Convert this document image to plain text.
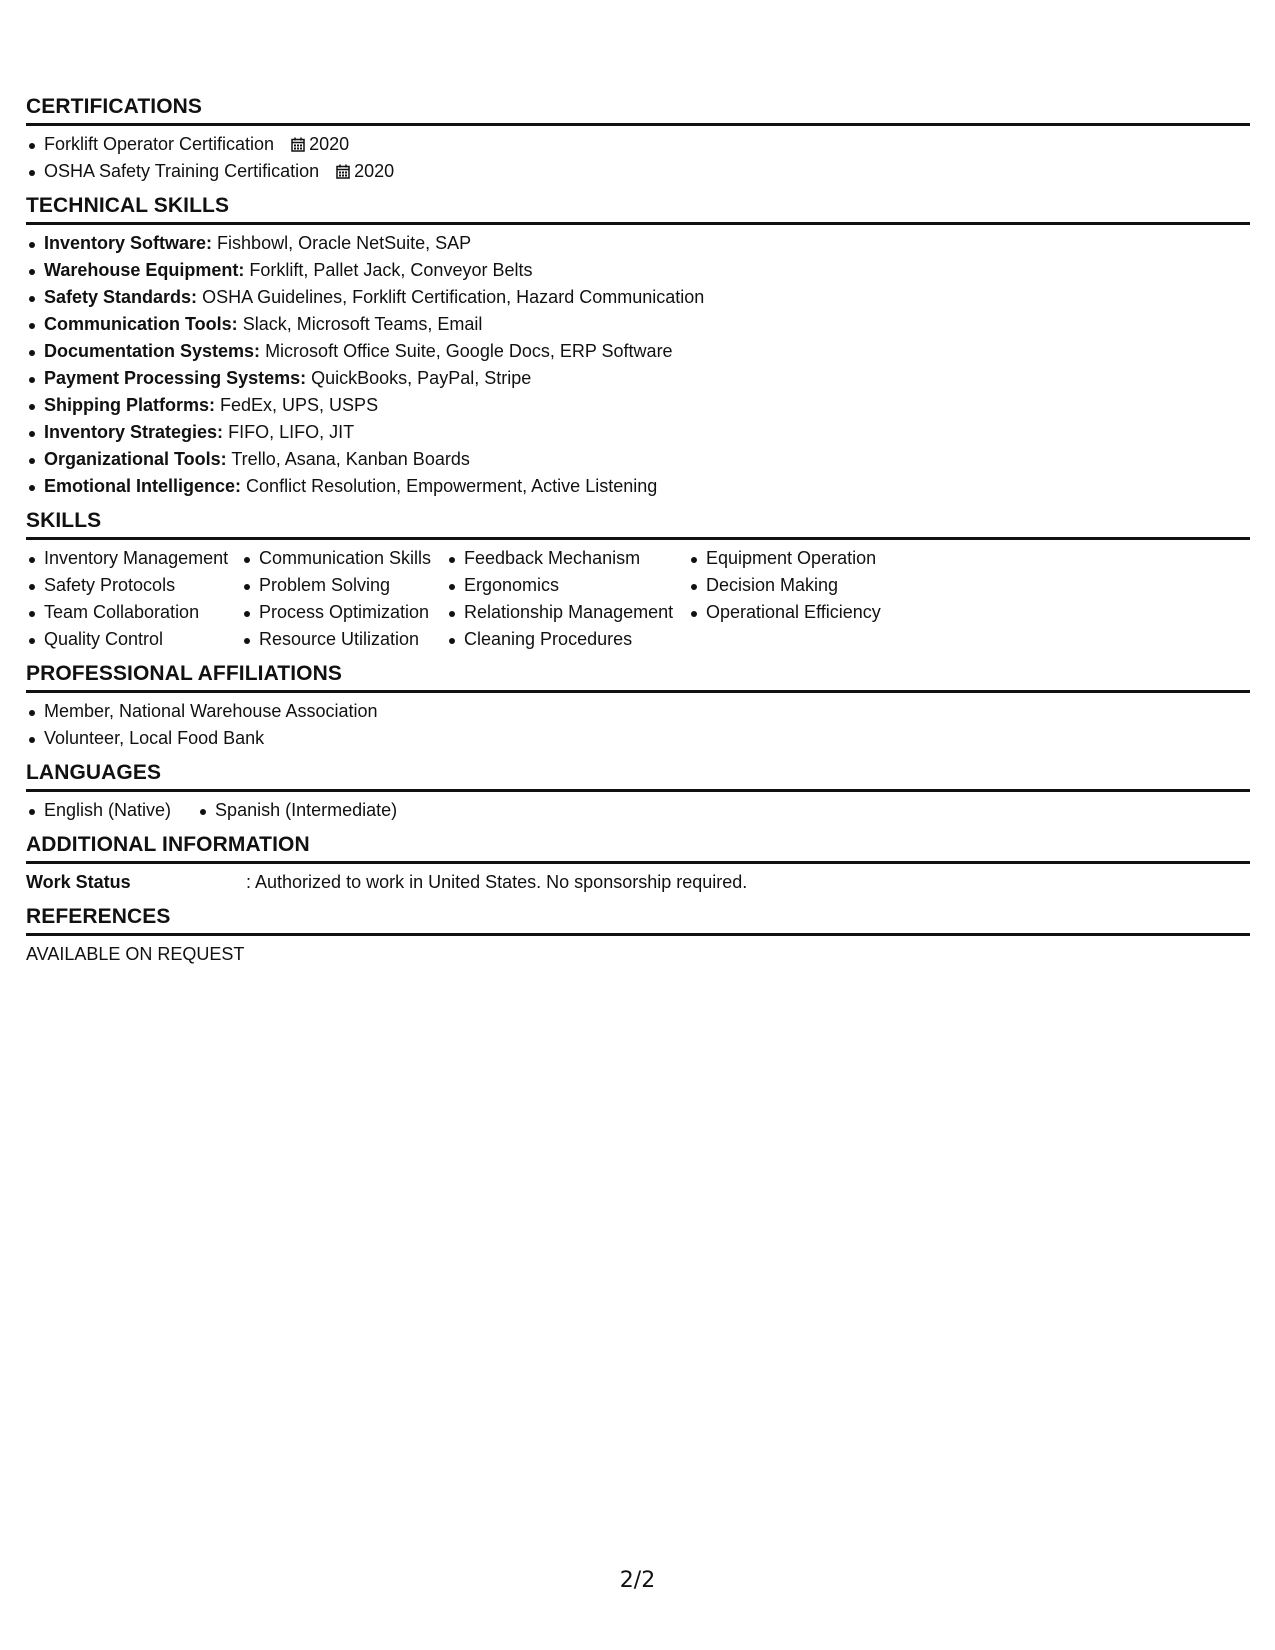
CERTIFICATIONS
Forklift Operator Certification 2020
OSHA Safety Training Certification 2020
TECHNICAL SKILLS
Inventory Software: Fishbowl, Oracle NetSuite, SAP
Warehouse Equipment: Forklift, Pallet Jack, Conveyor Belts
Safety Standards: OSHA Guidelines, Forklift Certification, Hazard Communication
Communication Tools: Slack, Microsoft Teams, Email
Documentation Systems: Microsoft Office Suite, Google Docs, ERP Software
Payment Processing Systems: QuickBooks, PayPal, Stripe
Shipping Platforms: FedEx, UPS, USPS
Inventory Strategies: FIFO, LIFO, JIT
Organizational Tools: Trello, Asana, Kanban Boards
Emotional Intelligence: Conflict Resolution, Empowerment, Active Listening
SKILLS
Inventory Management
Safety Protocols
Team Collaboration
Quality Control
Communication Skills
Problem Solving
Process Optimization
Resource Utilization
Feedback Mechanism
Ergonomics
Relationship Management
Cleaning Procedures
Equipment Operation
Decision Making
Operational Efficiency
PROFESSIONAL AFFILIATIONS
Member, National Warehouse Association
Volunteer, Local Food Bank
LANGUAGES
English (Native)	Spanish (Intermediate)
ADDITIONAL INFORMATION
Work Status	: Authorized to work in United States. No sponsorship required.
REFERENCES
AVAILABLE ON REQUEST
2/2
